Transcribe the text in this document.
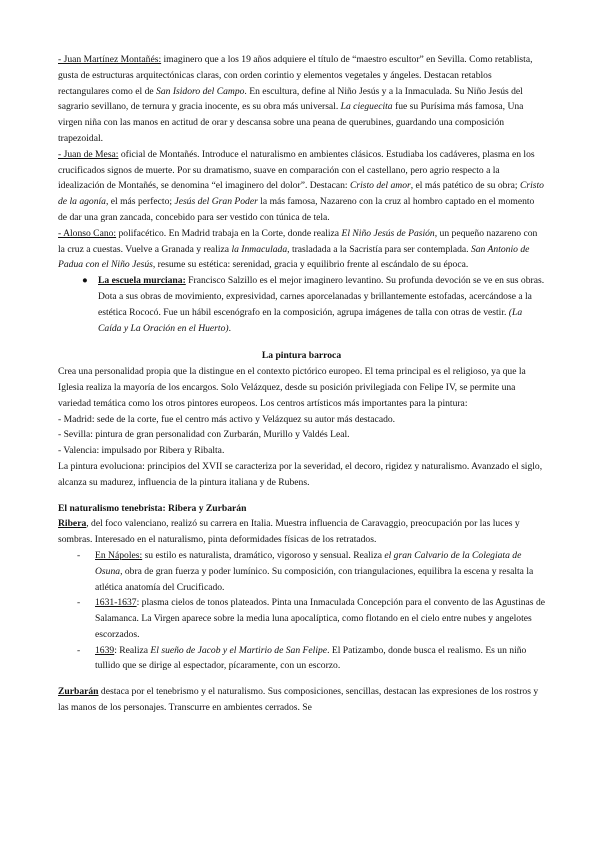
- Juan Martínez Montañés: imaginero que a los 19 años adquiere el título de “maestro escultor” en Sevilla. Como retablista, gusta de estructuras arquitectónicas claras, con orden corintio y elementos vegetales y ángeles. Destacan retablos rectangulares como el de San Isidoro del Campo. En escultura, define al Niño Jesús y a la Inmaculada. Su Niño Jesús del sagrario sevillano, de ternura y gracia inocente, es su obra más universal. La cieguecita fue su Purísima más famosa, Una virgen niña con las manos en actitud de orar y descansa sobre una peana de querubines, guardando una composición trapezoidal.

- Juan de Mesa: oficial de Montañés. Introduce el naturalismo en ambientes clásicos. Estudiaba los cadáveres, plasma en los crucificados signos de muerte. Por su dramatismo, suave en comparación con el castellano, pero agrio respecto a la idealización de Montañés, se denomina “el imaginero del dolor”. Destacan: Cristo del amor, el más patético de su obra; Cristo de la agonía, el más perfecto; Jesús del Gran Poder la más famosa, Nazareno con la cruz al hombro captado en el momento de dar una gran zancada, concebido para ser vestido con túnica de tela.

- Alonso Cano: polifacético. En Madrid trabaja en la Corte, donde realiza El Niño Jesús de Pasión, un pequeño nazareno con la cruz a cuestas. Vuelve a Granada y realiza la Inmaculada, trasladada a la Sacristía para ser contemplada. San Antonio de Padua con el Niño Jesús, resume su estética: serenidad, gracia y equilibrio frente al escándalo de su época.

● La escuela murciana: Francisco Salzillo es el mejor imaginero levantino. Su profunda devoción se ve en sus obras. Dota a sus obras de movimiento, expresividad, carnes aporcelanadas y brillantemente estofadas, acercándose a la estética Rococó. Fue un hábil escenógrafo en la composición, agrupa imágenes de talla con otras de vestir. (La Caída y La Oración en el Huerto).

La pintura barroca

Crea una personalidad propia que la distingue en el contexto pictórico europeo. El tema principal es el religioso, ya que la Iglesia realiza la mayoría de los encargos. Solo Velázquez, desde su posición privilegiada con Felipe IV, se permite una variedad temática como los otros pintores europeos. Los centros artísticos más importantes para la pintura:

- Madrid: sede de la corte, fue el centro más activo y Velázquez su autor más destacado.

- Sevilla: pintura de gran personalidad con Zurbarán, Murillo y Valdés Leal.

- Valencia: impulsado por Ribera y Ribalta.

La pintura evoluciona: principios del XVII se caracteriza por la severidad, el decoro, rigidez y naturalismo. Avanzado el siglo, alcanza su madurez, influencia de la pintura italiana y de Rubens.

El naturalismo tenebrista: Ribera y Zurbarán

Ribera, del foco valenciano, realizó su carrera en Italia. Muestra influencia de Caravaggio, preocupación por las luces y sombras. Interesado en el naturalismo, pinta deformidades físicas de los retratados.

- En Nápoles: su estilo es naturalista, dramático, vigoroso y sensual. Realiza el gran Calvario de la Colegiata de Osuna, obra de gran fuerza y poder lumínico. Su composición, con triangulaciones, equilibra la escena y resalta la atlética anatomía del Crucificado.
- 1631-1637: plasma cielos de tonos plateados. Pinta una Inmaculada Concepción para el convento de las Agustinas de Salamanca. La Virgen aparece sobre la media luna apocalíptica, como flotando en el cielo entre nubes y angelotes escorzados.
- 1639: Realiza El sueño de Jacob y el Martirio de San Felipe. El Patizambo, donde busca el realismo. Es un niño tullido que se dirige al espectador, pícaramente, con un escorzo.

Zurbarán destaca por el tenebrismo y el naturalismo. Sus composiciones, sencillas, destacan las expresiones de los rostros y las manos de los personajes. Transcurre en ambientes cerrados. Se
